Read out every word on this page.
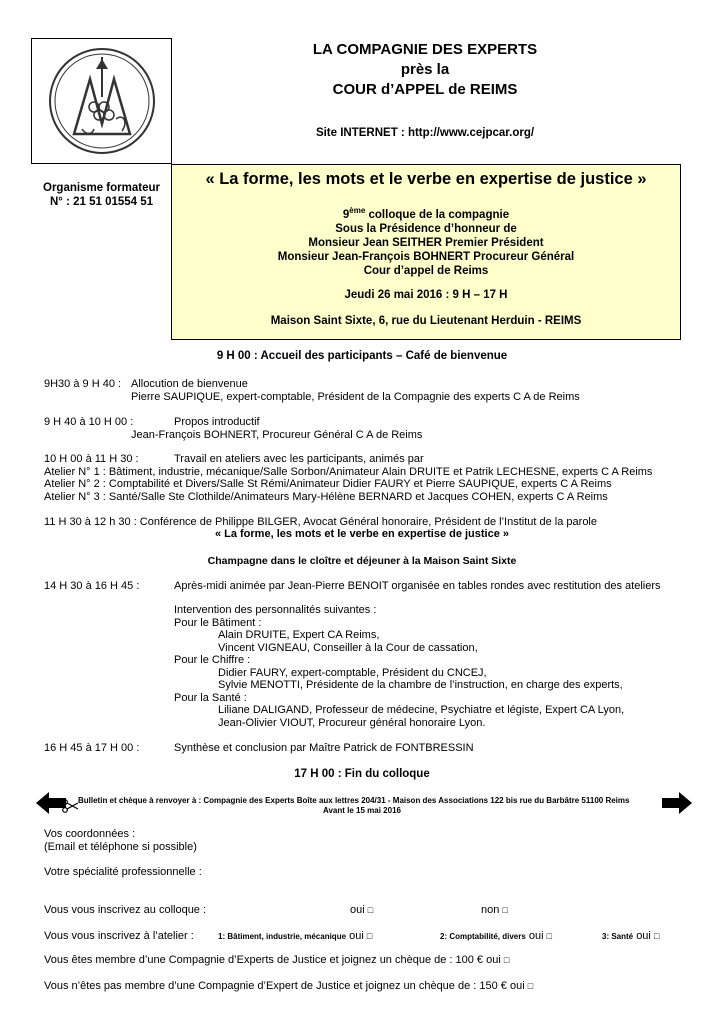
LA COMPAGNIE DES EXPERTS
près la
COUR d’APPEL de REIMS
Site INTERNET : http://www.cejpcar.org/
Organisme formateur
N° : 21 51 01554 51
« La forme, les mots et le verbe en expertise de justice »
9ème colloque de la compagnie
Sous la Présidence d’honneur de
Monsieur Jean SEITHER Premier Président
Monsieur Jean-François BOHNERT Procureur Général
Cour d’appel de Reims
Jeudi 26 mai 2016 : 9 H – 17 H
Maison Saint Sixte, 6, rue du Lieutenant Herduin - REIMS
9 H 00 : Accueil des participants – Café de bienvenue
9H30 à 9 H 40 : Allocution de bienvenue
Pierre SAUPIQUE, expert-comptable, Président de la Compagnie des experts C A de Reims
9 H 40 à 10 H 00 :	Propos introductif
Jean-François BOHNERT, Procureur Général C A de Reims
10 H 00 à 11 H 30 :	Travail en ateliers avec les participants, animés par
Atelier N° 1 : Bâtiment, industrie, mécanique/Salle Sorbon/Animateur Alain DRUITE et Patrik LECHESNE, experts C A Reims
Atelier N° 2 : Comptabilité et Divers/Salle St Rémi/Animateur Didier FAURY et Pierre SAUPIQUE, experts C A Reims
Atelier N° 3 : Santé/Salle Ste Clothilde/Animateurs Mary-Hélène BERNARD et Jacques COHEN, experts C A Reims
11 H 30 à 12 h 30 : Conférence de Philippe BILGER, Avocat Général honoraire, Président de l’Institut de la parole
« La forme, les mots et le verbe en expertise de justice »
Champagne dans le cloître et déjeuner à la Maison Saint Sixte
14 H 30 à 16 H 45 :	Après-midi animée par Jean-Pierre BENOIT organisée en tables rondes avec restitution des ateliers
Intervention des personnalités suivantes :
Pour le Bâtiment :
Alain DRUITE, Expert CA Reims,
Vincent VIGNEAU, Conseiller à la Cour de cassation,
Pour le Chiffre :
Didier FAURY, expert-comptable, Président du CNCEJ,
Sylvie MENOTTI, Présidente de la chambre de l’instruction, en charge des experts,
Pour la Santé :
Liliane DALIGAND, Professeur de médecine, Psychiatre et légiste, Expert CA Lyon,
Jean-Olivier VIOUT, Procureur général honoraire Lyon.
16 H 45 à 17 H 00 :	Synthèse et conclusion par Maître Patrick de FONTBRESSIN
17 H 00 : Fin du colloque
Bulletin et chèque à renvoyer à : Compagnie des Experts Boîte aux lettres 204/31 - Maison des Associations 122 bis rue du Barbâtre 51100 Reims
Avant le 15 mai 2016
Vos coordonnées :
(Email et téléphone si possible)
Votre spécialité professionnelle :
Vous vous inscrivez au colloque :	oui □	non □
Vous vous inscrivez à l’atelier :	1: Bâtiment, industrie, mécanique oui □	2: Comptabilité, divers oui □	3: Santé oui □
Vous êtes membre d’une Compagnie d’Experts de Justice et joignez un chèque de : 100 € oui □
Vous n’êtes pas membre d’une Compagnie d’Expert de Justice et joignez un chèque de : 150 € oui □
